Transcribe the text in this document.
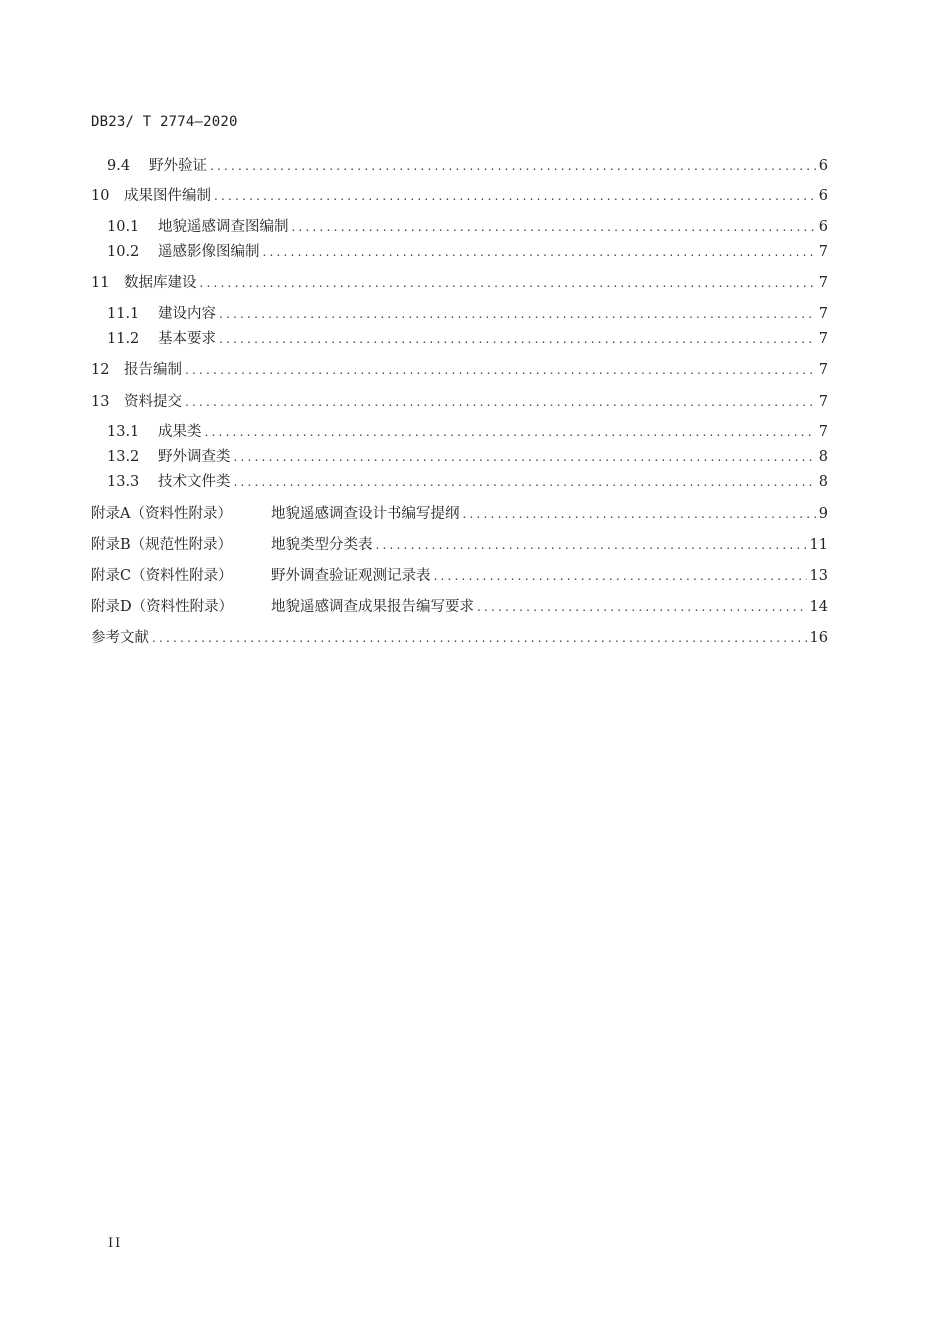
DB23/ T 2774—2020
9.4	野外验证 .....	6
10	成果图件编制 .....	6
10.1	地貌遥感调查图编制 .....	6
10.2	遥感影像图编制 .....	7
11	数据库建设 .....	7
11.1	建设内容 .....	7
11.2	基本要求 .....	7
12	报告编制 .....	7
13	资料提交 .....	7
13.1	成果类 .....	7
13.2	野外调查类 .....	8
13.3	技术文件类 .....	8
附录A（资料性附录）	地貌遥感调查设计书编写提纲 .....	9
附录B（规范性附录）	地貌类型分类表 .....	11
附录C（资料性附录）	野外调查验证观测记录表 .....	13
附录D（资料性附录）	地貌遥感调查成果报告编写要求 .....	14
参考文献 .....	16
II
